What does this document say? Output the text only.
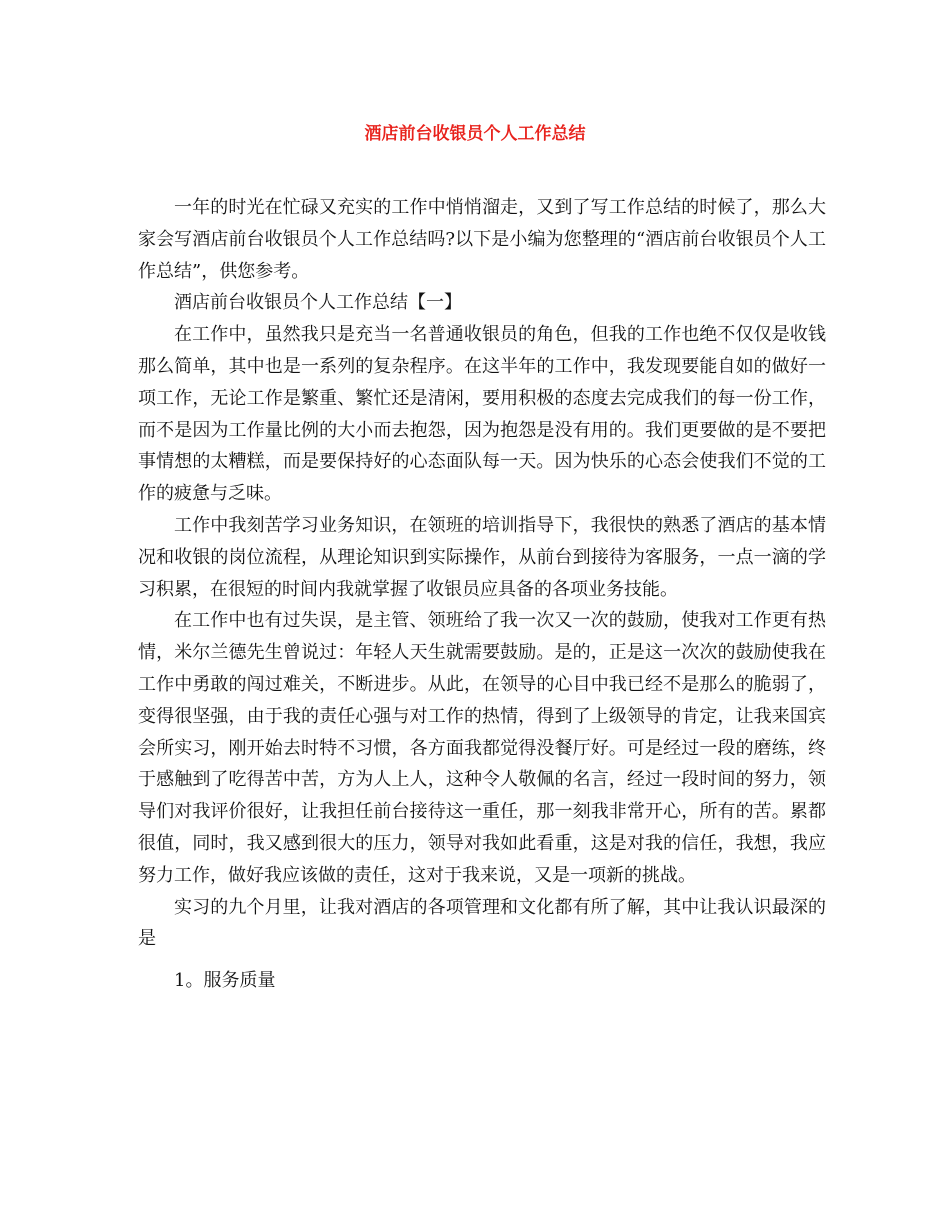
酒店前台收银员个人工作总结

一年的时光在忙碌又充实的工作中悄悄溜走，又到了写工作总结的时候了，那么大家会写酒店前台收银员个人工作总结吗?以下是小编为您整理的“酒店前台收银员个人工作总结”，供您参考。

酒店前台收银员个人工作总结【一】

在工作中，虽然我只是充当一名普通收银员的角色，但我的工作也绝不仅仅是收钱那么简单，其中也是一系列的复杂程序。在这半年的工作中，我发现要能自如的做好一项工作，无论工作是繁重、繁忙还是清闲，要用积极的态度去完成我们的每一份工作，而不是因为工作量比例的大小而去抱怨，因为抱怨是没有用的。我们更要做的是不要把事情想的太糟糕，而是要保持好的心态面队每一天。因为快乐的心态会使我们不觉的工作的疲惫与乏味。

工作中我刻苦学习业务知识，在领班的培训指导下，我很快的熟悉了酒店的基本情况和收银的岗位流程，从理论知识到实际操作，从前台到接待为客服务，一点一滴的学习积累，在很短的时间内我就掌握了收银员应具备的各项业务技能。

在工作中也有过失误，是主管、领班给了我一次又一次的鼓励，使我对工作更有热情，米尔兰德先生曾说过：年轻人天生就需要鼓励。是的，正是这一次次的鼓励使我在工作中勇敢的闯过难关，不断进步。从此，在领导的心目中我已经不是那么的脆弱了，变得很坚强，由于我的责任心强与对工作的热情，得到了上级领导的肯定，让我来国宾会所实习，刚开始去时特不习惯，各方面我都觉得没餐厅好。可是经过一段的磨练，终于感触到了吃得苦中苦，方为人上人，这种令人敬佩的名言，经过一段时间的努力，领导们对我评价很好，让我担任前台接待这一重任，那一刻我非常开心，所有的苦。累都很值，同时，我又感到很大的压力，领导对我如此看重，这是对我的信任，我想，我应努力工作，做好我应该做的责任，这对于我来说，又是一项新的挑战。

实习的九个月里，让我对酒店的各项管理和文化都有所了解，其中让我认识最深的是

1。服务质量
